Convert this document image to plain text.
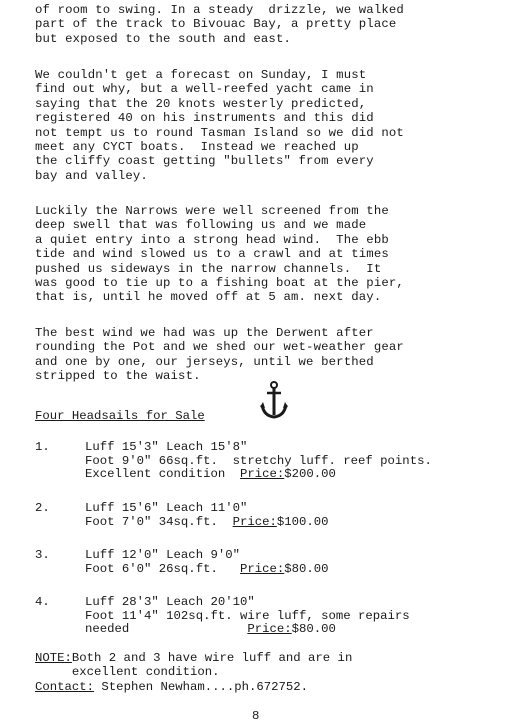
of room to swing. In a steady  drizzle, we walked
part of the track to Bivouac Bay, a pretty place
but exposed to the south and east.
We couldn't get a forecast on Sunday, I must
find out why, but a well-reefed yacht came in
saying that the 20 knots westerly predicted,
registered 40 on his instruments and this did
not tempt us to round Tasman Island so we did not
meet any CYCT boats.  Instead we reached up
the cliffy coast getting "bullets" from every
bay and valley.
Luckily the Narrows were well screened from the
deep swell that was following us and we made
a quiet entry into a strong head wind.  The ebb
tide and wind slowed us to a crawl and at times
pushed us sideways in the narrow channels.  It
was good to tie up to a fishing boat at the pier,
that is, until he moved off at 5 am. next day.
The best wind we had was up the Derwent after
rounding the Pot and we shed our wet-weather gear
and one by one, our jerseys, until we berthed
stripped to the waist.
Four Headsails for Sale
1.	Luff 15'3" Leach 15'8"
Foot 9'0" 66sq.ft.  stretchy luff. reef points.
Excellent condition  Price:$200.00
2.	Luff 15'6" Leach 11'0"
Foot 7'0" 34sq.ft.  Price:$100.00
3.	Luff 12'0" Leach 9'0"
Foot 6'0" 26sq.ft.   Price:$80.00
4.	Luff 28'3" Leach 20'10"
Foot 11'4" 102sq.ft. wire luff, some repairs
needed                Price:$80.00
NOTE:Both 2 and 3 have wire luff and are in
excellent condition.
Contact: Stephen Newham....ph.672752.
8
